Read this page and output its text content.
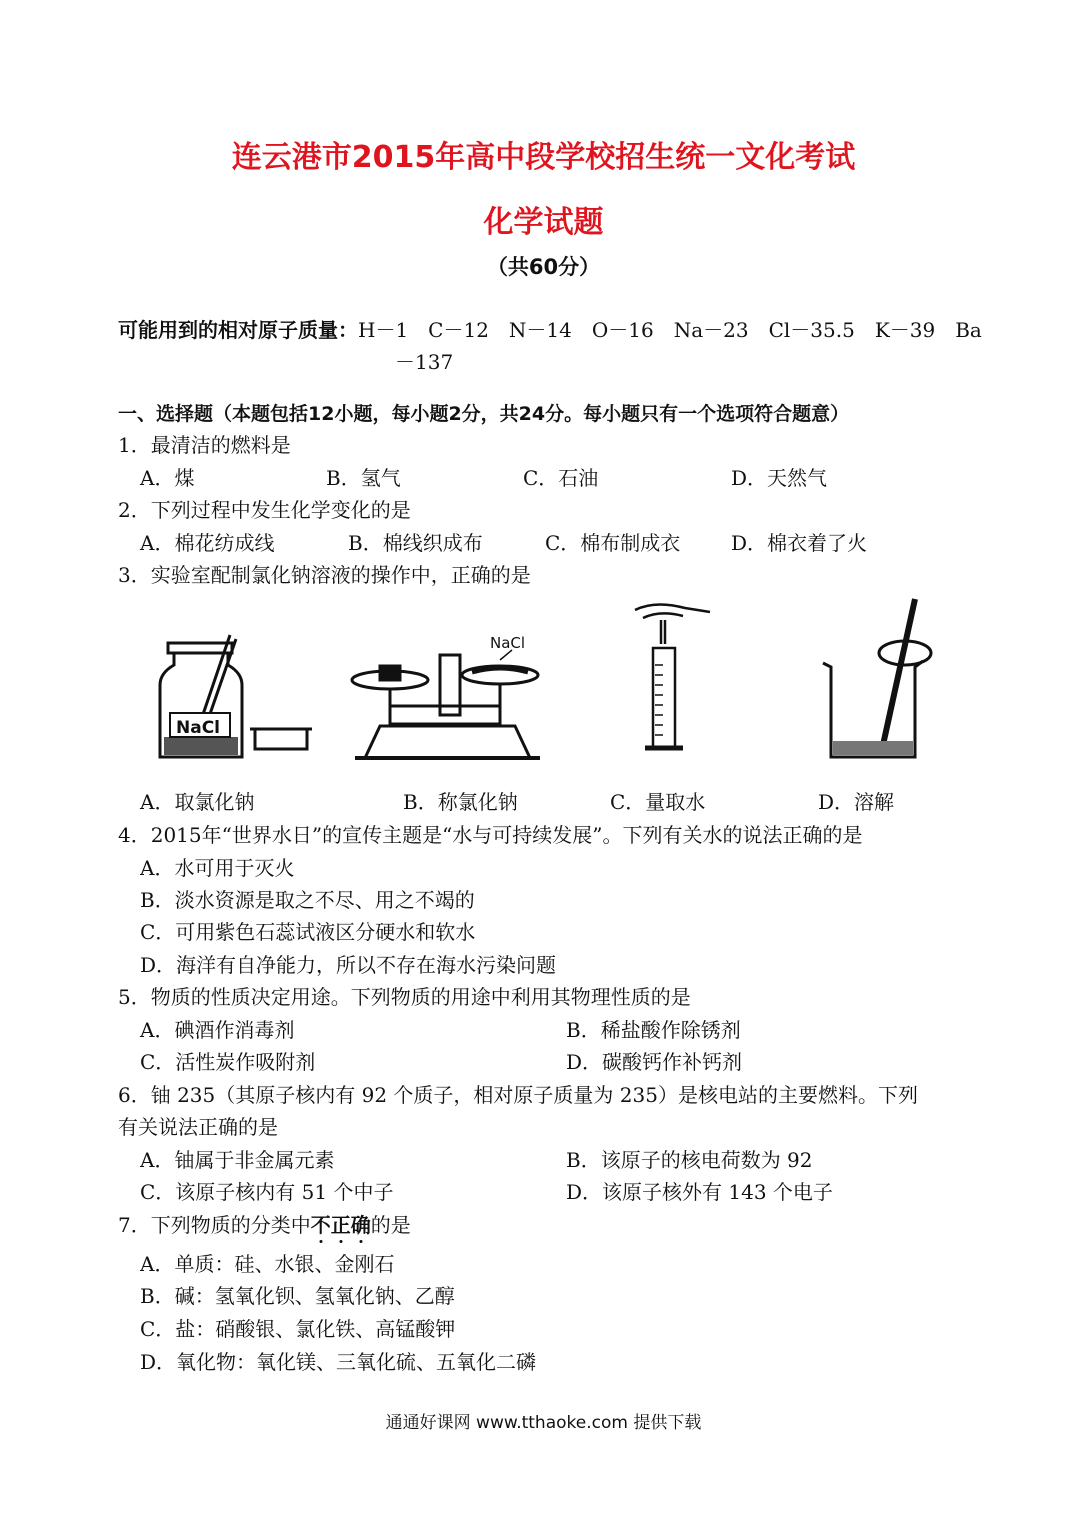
连云港市2015年高中段学校招生统一文化考试
化学试题
（共60分）
可能用到的相对原子质量：H－1　C－12　N－14　O－16　Na－23　Cl－35.5　K－39　Ba
－137
一、选择题（本题包括12小题，每小题2分，共24分。每小题只有一个选项符合题意）
1．最清洁的燃料是
A．煤	B．氢气	C．石油	D．天然气
2．下列过程中发生化学变化的是
A．棉花纺成线	B．棉线织成布	C．棉布制成衣	D．棉衣着了火
3．实验室配制氯化钠溶液的操作中，正确的是
NaCl
NaCl
A．取氯化钠	B．称氯化钠	C．量取水	D．溶解
4．2015年“世界水日”的宣传主题是“水与可持续发展”。下列有关水的说法正确的是
A．水可用于灭火
B．淡水资源是取之不尽、用之不竭的
C．可用紫色石蕊试液区分硬水和软水
D．海洋有自净能力，所以不存在海水污染问题
5．物质的性质决定用途。下列物质的用途中利用其物理性质的是
A．碘酒作消毒剂	B．稀盐酸作除锈剂
C．活性炭作吸附剂	D．碳酸钙作补钙剂
6．铀 235（其原子核内有 92 个质子，相对原子质量为 235）是核电站的主要燃料。下列
有关说法正确的是
A．铀属于非金属元素	B．该原子的核电荷数为 92
C．该原子核内有 51 个中子	D．该原子核外有 143 个电子
7．下列物质的分类中不正确的是
A．单质：硅、水银、金刚石
B．碱：氢氧化钡、氢氧化钠、乙醇
C．盐：硝酸银、氯化铁、高锰酸钾
D．氧化物：氧化镁、三氧化硫、五氧化二磷
通通好课网 www.tthaoke.com 提供下载
